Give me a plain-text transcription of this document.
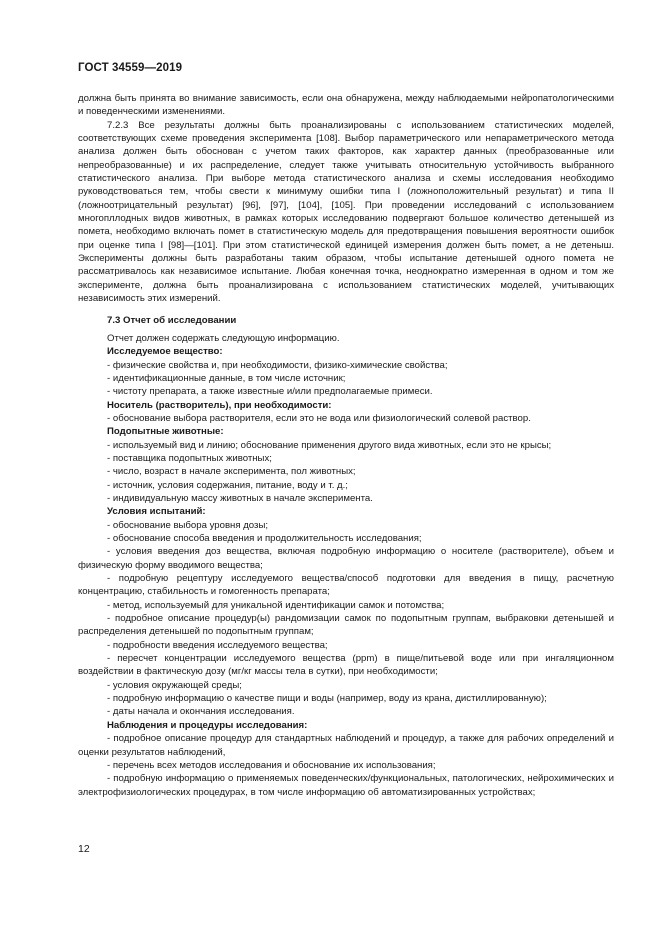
ГОСТ 34559—2019

должна быть принята во внимание зависимость, если она обнаружена, между наблюдаемыми нейропатологическими и поведенческими изменениями.

7.2.3 Все результаты должны быть проанализированы с использованием статистических моделей, соответствующих схеме проведения эксперимента [108]. Выбор параметрического или непараметрического метода анализа должен быть обоснован с учетом таких факторов, как характер данных (преобразованные или непреобразованные) и их распределение, следует также учитывать относительную устойчивость выбранного статистического анализа. При выборе метода статистического анализа и схемы исследования необходимо руководствоваться тем, чтобы свести к минимуму ошибки типа I (ложноположительный результат) и типа II (ложноотрицательный результат) [96], [97], [104], [105]. При проведении исследований с использованием многопллодных видов животных, в рамках которых исследованию подвергают большое количество детенышей из помета, необходимо включать помет в статистическую модель для предотвращения повышения вероятности ошибок при оценке типа I [98]—[101]. При этом статистической единицей измерения должен быть помет, а не детеныш. Эксперименты должны быть разработаны таким образом, чтобы испытание детенышей одного помета не рассматривалось как независимое испытание. Любая конечная точка, неоднократно измеренная в одном и том же эксперименте, должна быть проанализирована с использованием статистических моделей, учитывающих независимость этих измерений.

7.3 Отчет об исследовании

Отчет должен содержать следующую информацию.

Исследуемое вещество:

- физические свойства и, при необходимости, физико-химические свойства;

- идентификационные данные, в том числе источник;

- чистоту препарата, а также известные и/или предполагаемые примеси.

Носитель (растворитель), при необходимости:

- обоснование выбора растворителя, если это не вода или физиологический солевой раствор.

Подопытные животные:

- используемый вид и линию; обоснование применения другого вида животных, если это не крысы;

- поставщика подопытных животных;

- число, возраст в начале эксперимента, пол животных;

- источник, условия содержания, питание, воду и т. д.;

- индивидуальную массу животных в начале эксперимента.

Условия испытаний:

- обоснование выбора уровня дозы;

- обоснование способа введения и продолжительность исследования;

- условия введения доз вещества, включая подробную информацию о носителе (растворителе), объем и физическую форму вводимого вещества;

- подробную рецептуру исследуемого вещества/способ подготовки для введения в пищу, расчетную концентрацию, стабильность и гомогенность препарата;

- метод, используемый для уникальной идентификации самок и потомства;

- подробное описание процедур(ы) рандомизации самок по подопытным группам, выбраковки детенышей и распределения детенышей по подопытным группам;

- подробности введения исследуемого вещества;

- пересчет концентрации исследуемого вещества (ppm) в пище/питьевой воде или при ингаляционном воздействии в фактическую дозу (мг/кг массы тела в сутки), при необходимости;

- условия окружающей среды;

- подробную информацию о качестве пищи и воды (например, воду из крана, дистиллированную);

- даты начала и окончания исследования.

Наблюдения и процедуры исследования:

- подробное описание процедур для стандартных наблюдений и процедур, а также для рабочих определений и оценки результатов наблюдений,

- перечень всех методов исследования и обоснование их использования;

- подробную информацию о применяемых поведенческих/функциональных, патологических, нейрохимических и электрофизиологических процедурах, в том числе информацию об автоматизированных устройствах;

12
